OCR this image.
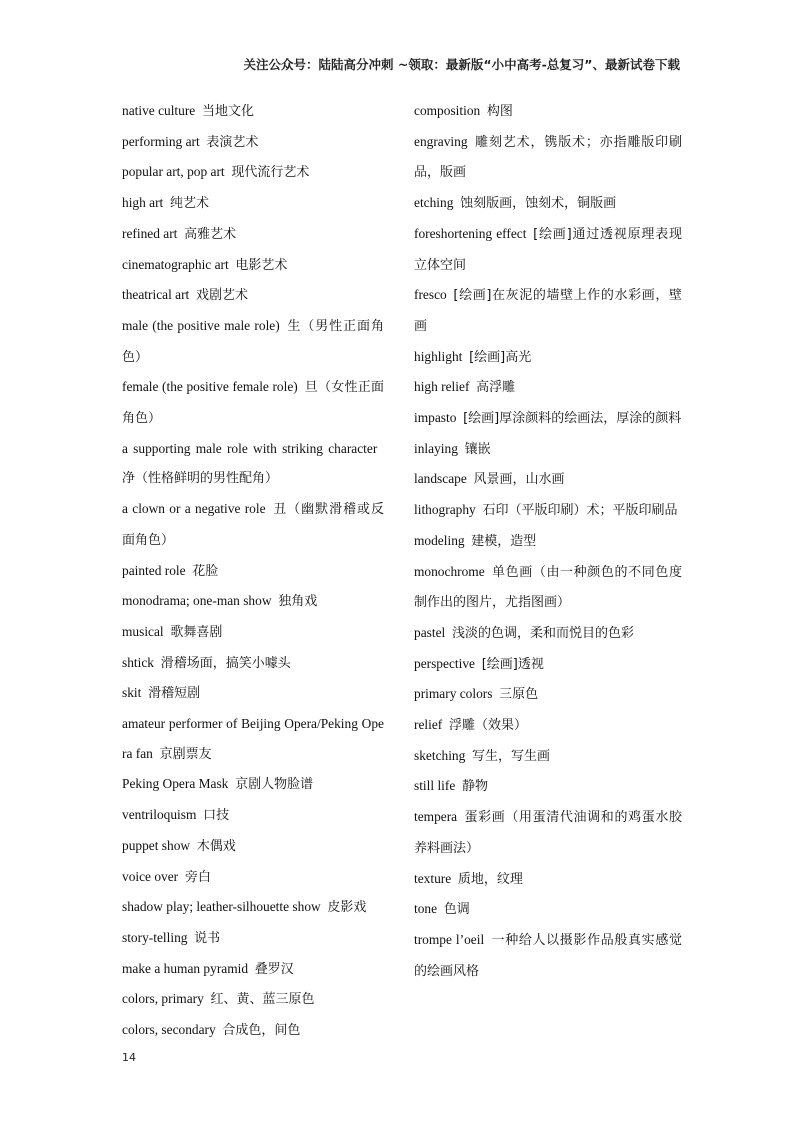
关注公众号：陆陆高分冲刺 ~领取：最新版“小中高考-总复习”、最新试卷下载

native culture  当地文化

performing art  表演艺术

popular art, pop art  现代流行艺术

high art  纯艺术

refined art  高雅艺术

cinematographic art  电影艺术

theatrical art  戏剧艺术

male (the positive male role)  生（男性正面角色）

female (the positive female role)  旦（女性正面角色）

a supporting male role with striking character 净（性格鲜明的男性配角）

a clown or a negative role  丑（幽默滑稽或反面角色）

painted role  花脸

monodrama; one-man show  独角戏

musical  歌舞喜剧

shtick  滑稽场面，搞笑小噱头

skit  滑稽短剧

amateur performer of Beijing Opera/Peking Opera fan  京剧票友

Peking Opera Mask  京剧人物脸谱

ventriloquism  口技

puppet show  木偶戏

voice over  旁白

shadow play; leather-silhouette show  皮影戏

story-telling  说书

make a human pyramid  叠罗汉

colors, primary  红、黄、蓝三原色

colors, secondary  合成色，间色

composition  构图

engraving  雕刻艺术，镌版术；亦指雕版印刷品，版画

etching  蚀刻版画，蚀刻术，铜版画

foreshortening effect  [绘画]通过透视原理表现立体空间

fresco  [绘画]在灰泥的墙壁上作的水彩画，壁画

highlight  [绘画]高光

high relief  高浮雕

impasto  [绘画]厚涂颜料的绘画法，厚涂的颜料

inlaying  镶嵌

landscape  风景画，山水画

lithography  石印（平版印刷）术；平版印刷品

modeling  建模，造型

monochrome  单色画（由一种颜色的不同色度制作出的图片，尤指图画）

pastel  浅淡的色调，柔和而悦目的色彩

perspective  [绘画]透视

primary colors  三原色

relief  浮雕（效果）

sketching  写生，写生画

still life  静物

tempera  蛋彩画（用蛋清代油调和的鸡蛋水胶养料画法）

texture  质地，纹理

tone  色调

trompe l’oeil  一种给人以摄影作品般真实感觉的绘画风格

14
